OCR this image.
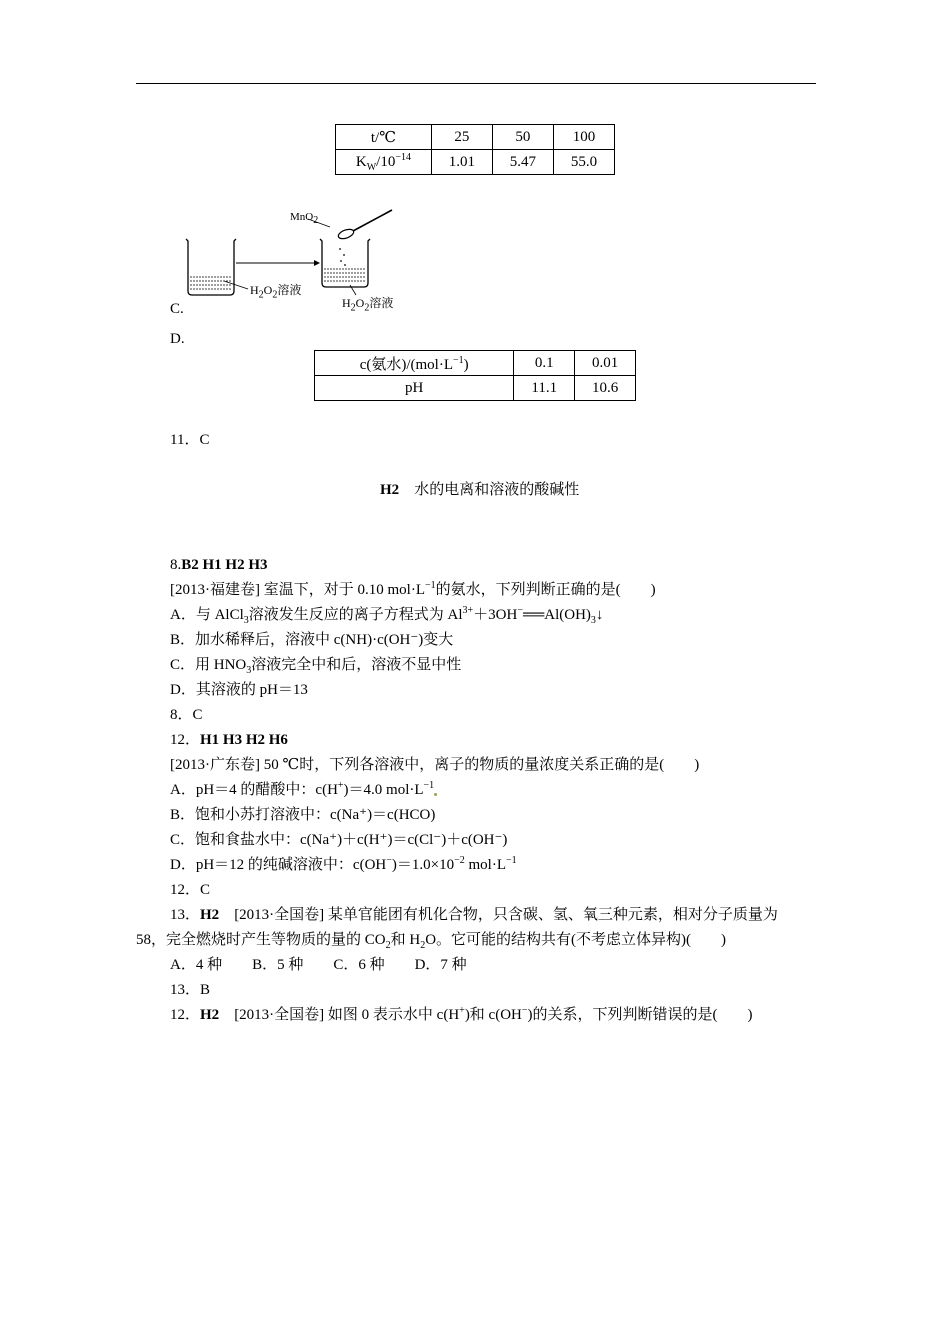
t/℃	25	50	100
$K_W/10^{-14}$	1.01	5.47	55.0
MnO$_2$
$H_2O_2$溶液
$H_2O_2$溶液
C.
D.
c(氨水)$/(mol\cdot L^{-1})$	0.1	0.01
pH	11.1	10.6
11．C
H2　 水的电离和溶液的酸碱性
8.B2 H1 H2 H3
[2013·福建卷] 室温下，对于 0.10 $mol\cdot L^{-1}$的氨水，下列判断正确的是(　　)
A．与 AlCl$_3$溶液发生反应的离子方程式为 $Al^{3+}+3OH^-══Al(OH)_3↓$
B．加水稀释后，溶液中 c(NH)·c(OH⁻)变大
C．用 $HNO_3$溶液完全中和后，溶液不显中性
D．其溶液的 pH＝13
8．C
12．H1 H3 H2 H6
[2013·广东卷] 50 ℃时，下列各溶液中，离子的物质的量浓度关系正确的是(　　)
A．pH＝4 的醋酸中：c(H+)＝4.0 $mol\cdot L^{-1}$
B．饱和小苏打溶液中：c(Na⁺)＝c(HCO)
C．饱和食盐水中：c(Na⁺)＋c(H⁺)＝c(Cl⁻)＋c(OH⁻)
D．pH＝12 的纯碱溶液中：$c(OH^-)=1.0\times 10^{-2}$ $mol\cdot L^{-1}$
12．C
13．H2　[2013·全国卷] 某单官能团有机化合物，只含碳、氢、氧三种元素，相对分子质量为
58，完全燃烧时产生等物质的量的 $CO_2$和 $H_2O$。它可能的结构共有(不考虑立体异构)(　　)
A．4 种　　B．5 种　　C．6 种　　D．7 种
13．B
12．H2　[2013·全国卷] 如图 0 表示水中 c(H+)和 c(OH−)的关系，下列判断错误的是(　　)
